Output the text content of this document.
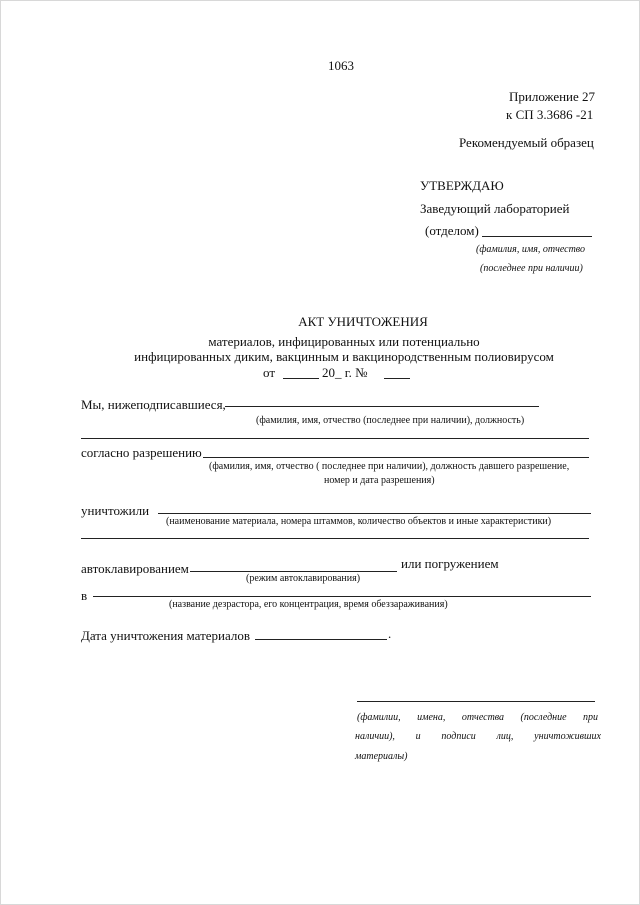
1063
Приложение 27
к СП 3.3686 -21
Рекомендуемый образец
УТВЕРЖДАЮ
Заведующий лабораторией
(отделом)
(фамилия, имя, отчество
(последнее при наличии)
АКТ УНИЧТОЖЕНИЯ
материалов, инфицированных или потенциально
инфицированных диким, вакцинным и вакцинородственным полиовирусом
от	20_ г. №
Мы, нижеподписавшиеся,
(фамилия, имя, отчество (последнее при наличии), должность)
согласно разрешению
(фамилия, имя, отчество ( последнее при наличии), должность давшего разрешение,
номер и дата разрешения)
уничтожили
(наименование материала, номера штаммов, количество объектов и иные характеристики)
автоклавированием	или погружением
(режим автоклавирования)
в
(название дезрастора, его концентрация, время обеззараживания)
Дата уничтожения материалов	.
(фамилии, имена, отчества (последние при
наличии), и подписи лиц, уничтоживших
материалы)
